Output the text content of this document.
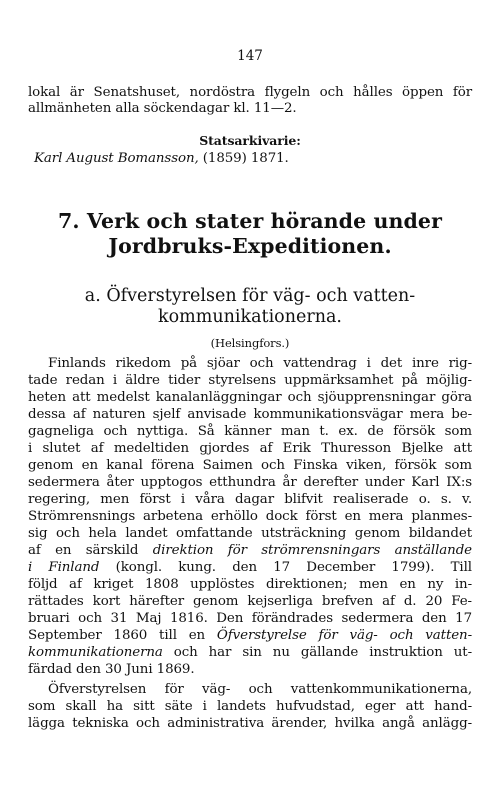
147
lokal är Senatshuset, nordöstra flygeln och hålles öppen för
allmänheten alla söckendagar kl. 11—2.
Statsarkivarie:
Karl August Bomansson, (1859) 1871.
7. Verk och stater hörande under
Jordbruks-Expeditionen.
a. Öfverstyrelsen för väg- och vatten-
kommunikationerna.
(Helsingfors.)
Finlands rikedom på sjöar och vattendrag i det inre rig-
tade redan i äldre tider styrelsens uppmärksamhet på möjlig-
heten att medelst kanalanläggningar och sjöupprensningar göra
dessa af naturen sjelf anvisade kommunikationsvägar mera be-
gagneliga och nyttiga. Så känner man t. ex. de försök som
i slutet af medeltiden gjordes af Erik Thuresson Bjelke att
genom en kanal förena Saimen och Finska viken, försök som
sedermera åter upptogos etthundra år derefter under Karl IX:s
regering, men först i våra dagar blifvit realiserade o. s. v.
Strömrensnings arbetena erhöllo dock först en mera planmes-
sig och hela landet omfattande utsträckning genom bildandet
af en särskild direktion för strömrensningars anställande
i Finland (kongl. kung. den 17 December 1799). Till
följd af kriget 1808 upplöstes direktionen; men en ny in-
rättades kort härefter genom kejserliga brefven af d. 20 Fe-
bruari och 31 Maj 1816. Den förändrades sedermera den 17
September 1860 till en Öfverstyrelse för väg- och vatten-
kommunikationerna och har sin nu gällande instruktion ut-
färdad den 30 Juni 1869.
Öfverstyrelsen för väg- och vattenkommunikationerna,
som skall ha sitt säte i landets hufvudstad, eger att hand-
lägga tekniska och administrativa ärender, hvilka angå anlägg-
